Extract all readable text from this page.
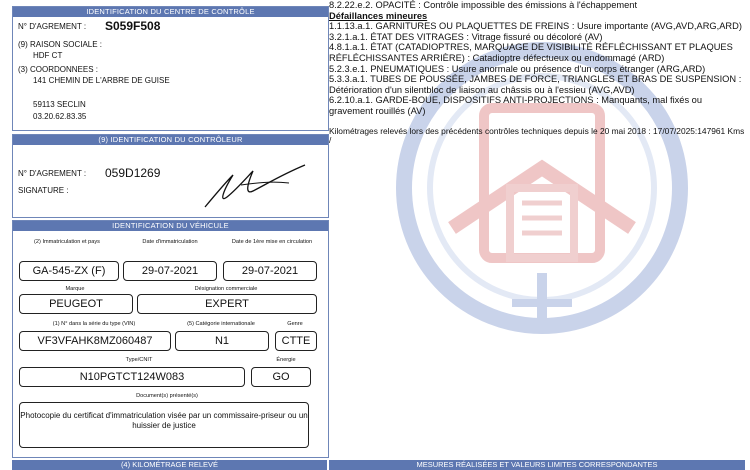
IDENTIFICATION DU CENTRE DE CONTRÔLE
N° D'AGREMENT : S059F508
(9) RAISON SOCIALE :
HDF CT
(3) COORDONNEES :
141 CHEMIN DE L'ARBRE DE GUISE
59113 SECLIN
03.20.62.83.35
(9) IDENTIFICATION DU CONTRÔLEUR
N° D'AGREMENT : 059D1269
SIGNATURE :
IDENTIFICATION DU VÉHICULE
(2) Immatriculation et pays	Date d'immatriculation	Date de 1ère mise en circulation
GA-545-ZX (F)	29-07-2021	29-07-2021
Marque	Désignation commerciale
PEUGEOT	EXPERT
(1) N° dans la série du type (VIN)	(5) Catégorie internationale	Genre
VF3VFAHK8MZ060487	N1	CTTE
Type/CNIT	Énergie
N10PGTCT124W083	GO
Document(s) présenté(s)
Photocopie du certificat d'immatriculation visée par un commissaire-priseur ou un huissier de justice
(4) KILOMÉTRAGE RELEVÉ
8.2.22.e.2. OPACITÉ : Contrôle impossible des émissions à l'échappement
Défaillances mineures
1.1.13.a.1. GARNITURES OU PLAQUETTES DE FREINS : Usure importante (AVG,AVD,ARG,ARD)
3.2.1.a.1. ÉTAT DES VITRAGES : Vitrage fissuré ou décoloré (AV)
4.8.1.a.1. ÉTAT (CATADIOPTRES, MARQUAGE DE VISIBILITÉ RÉFLÉCHISSANT ET PLAQUES RÉFLÉCHISSANTES ARRIÈRE) : Catadioptre défectueux ou endommagé (ARD)
5.2.3.e.1. PNEUMATIQUES : Usure anormale ou présence d'un corps étranger (ARG,ARD)
5.3.3.a.1. TUBES DE POUSSÉE, JAMBES DE FORCE, TRIANGLES ET BRAS DE SUSPENSION : Détérioration d'un silentbloc de liaison au châssis ou à l'essieu (AVG,AVD)
6.2.10.a.1. GARDE-BOUE, DISPOSITIFS ANTI-PROJECTIONS : Manquants, mal fixés ou gravement rouillés (AV)
Kilométrages relevés lors des précédents contrôles techniques depuis le 20 mai 2018 : 17/07/2025:147961 Kms /
MESURES RÉALISÉES ET VALEURS LIMITES CORRESPONDANTES
